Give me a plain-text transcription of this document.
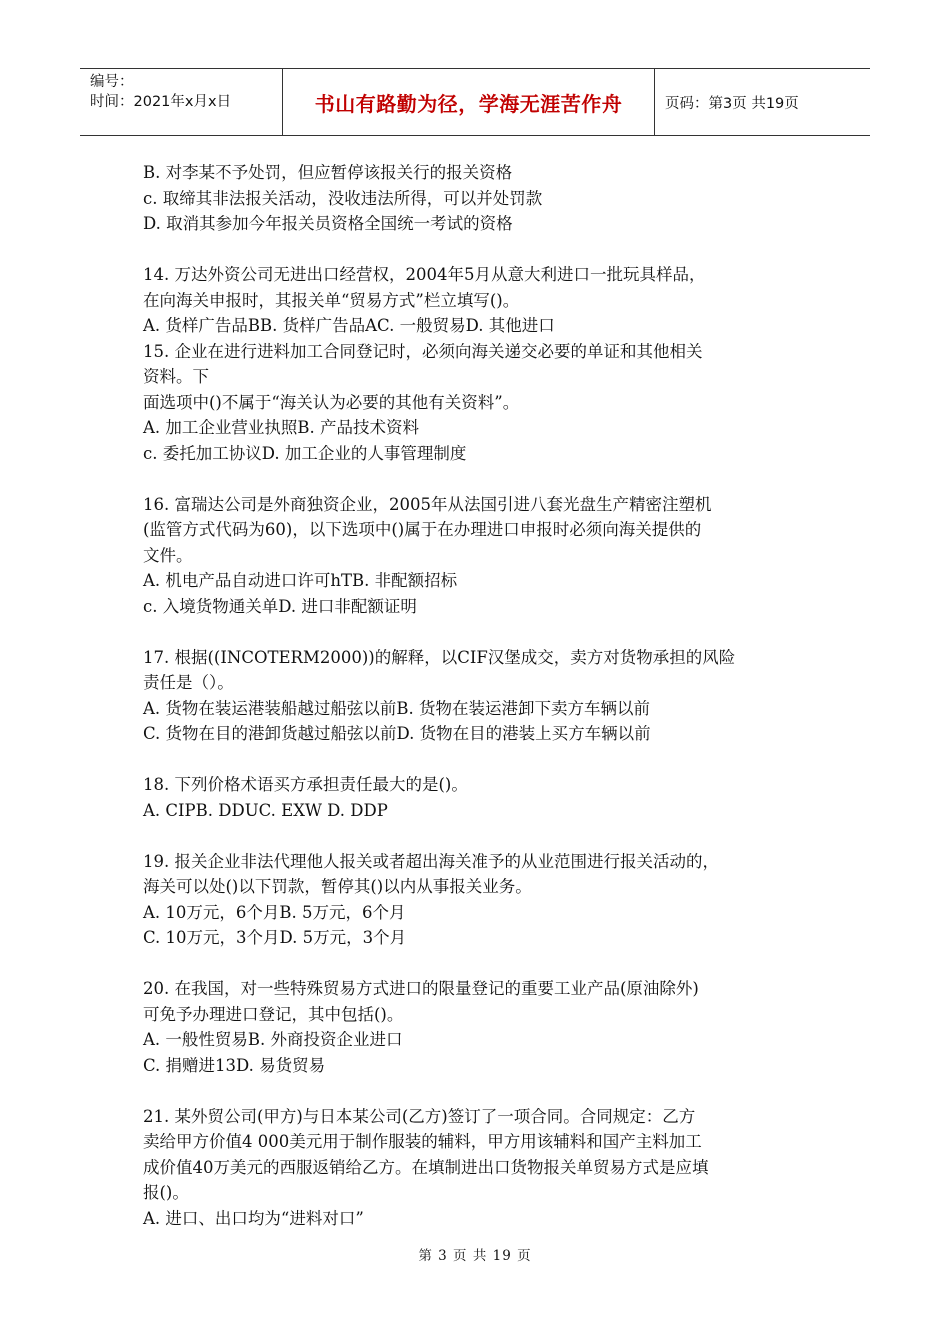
编号：
时间：2021年x月x日	书山有路勤为径，学海无涯苦作舟	页码：第3页 共19页
B. 对李某不予处罚，但应暂停该报关行的报关资格
c. 取缔其非法报关活动，没收违法所得，可以并处罚款
D. 取消其参加今年报关员资格全国统一考试的资格
14. 万达外资公司无进出口经营权，2004年5月从意大利进口一批玩具样品，
在向海关申报时，其报关单“贸易方式”栏立填写()。
A. 货样广告品BB. 货样广告品AC. 一般贸易D. 其他进口
15. 企业在进行进料加工合同登记时，必须向海关递交必要的单证和其他相关
资料。下
面选项中()不属于“海关认为必要的其他有关资料”。
A. 加工企业营业执照B. 产品技术资料
c. 委托加工协议D. 加工企业的人事管理制度
16. 富瑞达公司是外商独资企业，2005年从法国引进八套光盘生产精密注塑机
(监管方式代码为60)，以下选项中()属于在办理进口申报时必须向海关提供的
文件。
A. 机电产品自动进口许可hTB. 非配额招标
c. 入境货物通关单D. 进口非配额证明
17. 根据((INCOTERM2000))的解释，以CIF汉堡成交，卖方对货物承担的风险
责任是（）。
A. 货物在装运港装船越过船弦以前B. 货物在装运港卸下卖方车辆以前
C. 货物在目的港卸货越过船弦以前D. 货物在目的港装上买方车辆以前
18. 下列价格术语买方承担责任最大的是()。
A. CIPB. DDUC. EXW D. DDP
19. 报关企业非法代理他人报关或者超出海关准予的从业范围进行报关活动的，
海关可以处()以下罚款，暂停其()以内从事报关业务。
A. 10万元，6个月B. 5万元，6个月
C. 10万元，3个月D. 5万元，3个月
20. 在我国，对一些特殊贸易方式进口的限量登记的重要工业产品(原油除外)
可免予办理进口登记，其中包括()。
A. 一般性贸易B. 外商投资企业进口
C. 捐赠进13D. 易货贸易
21. 某外贸公司(甲方)与日本某公司(乙方)签订了一项合同。合同规定：乙方
卖给甲方价值4 000美元用于制作服装的辅料，甲方用该辅料和国产主料加工
成价值40万美元的西服返销给乙方。在填制进出口货物报关单贸易方式是应填
报()。
A. 进口、出口均为“进料对口”
第 3 页 共 19 页
